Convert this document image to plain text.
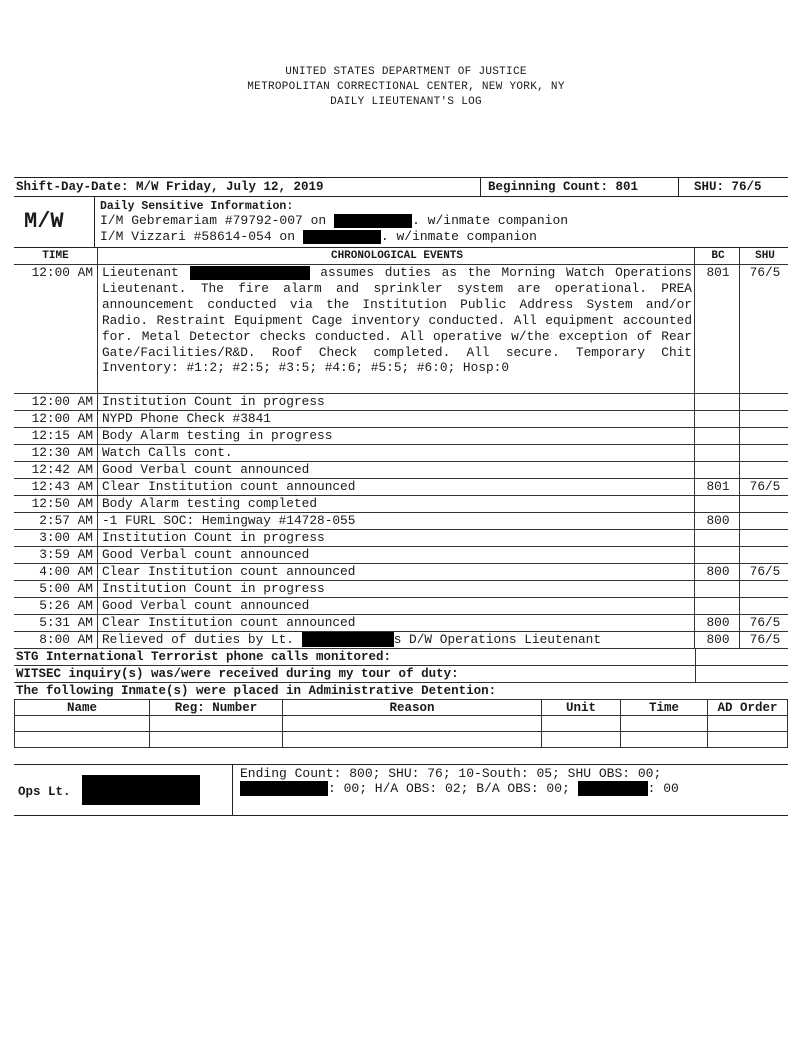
UNITED STATES DEPARTMENT OF JUSTICE
METROPOLITAN CORRECTIONAL CENTER, NEW YORK, NY
DAILY LIEUTENANT'S LOG
Shift-Day-Date: M/W Friday, July 12, 2019	Beginning Count: 801	SHU: 76/5
M/W
Daily Sensitive Information:
I/M Gebremariam #79792-007 on	. w/inmate companion
I/M Vizzari #58614-054 on	. w/inmate companion
TIME	CHRONOLOGICAL EVENTS	BC	SHU
12:00 AM	Lieutenant assumes duties as the Morning Watch Operations Lieutenant. The fire alarm and sprinkler system are operational. PREA announcement conducted via the Institution Public Address System and/or Radio. Restraint Equipment Cage inventory conducted. All equipment accounted for. Metal Detector checks conducted. All operative w/the exception of Rear Gate/Facilities/R&D. Roof Check completed. All secure. Temporary Chit Inventory: #1:2; #2:5; #3:5; #4:6; #5:5; #6:0; Hosp:0	801	76/5
12:00 AM	Institution Count in progress		
12:00 AM	NYPD Phone Check #3841		
12:15 AM	Body Alarm testing in progress		
12:30 AM	Watch Calls cont.		
12:42 AM	Good Verbal count announced		
12:43 AM	Clear Institution count announced	801	76/5
12:50 AM	Body Alarm testing completed		
2:57 AM	-1 FURL SOC: Hemingway #14728-055	800	
3:00 AM	Institution Count in progress		
3:59 AM	Good Verbal count announced		
4:00 AM	Clear Institution count announced	800	76/5
5:00 AM	Institution Count in progress		
5:26 AM	Good Verbal count announced		
5:31 AM	Clear Institution count announced	800	76/5
8:00 AM	Relieved of duties by Lt.	s D/W Operations Lieutenant	800	76/5
STG International Terrorist phone calls monitored:	
WITSEC inquiry(s) was/were received during my tour of duty:	
The following Inmate(s) were placed in Administrative Detention:
Name	Reg: Number	Reason	Unit	Time	AD Order

Ops Lt.
Ending Count: 800; SHU: 76; 10-South: 05; SHU OBS: 00;
: 00; H/A OBS: 02; B/A OBS: 00;	: 00
